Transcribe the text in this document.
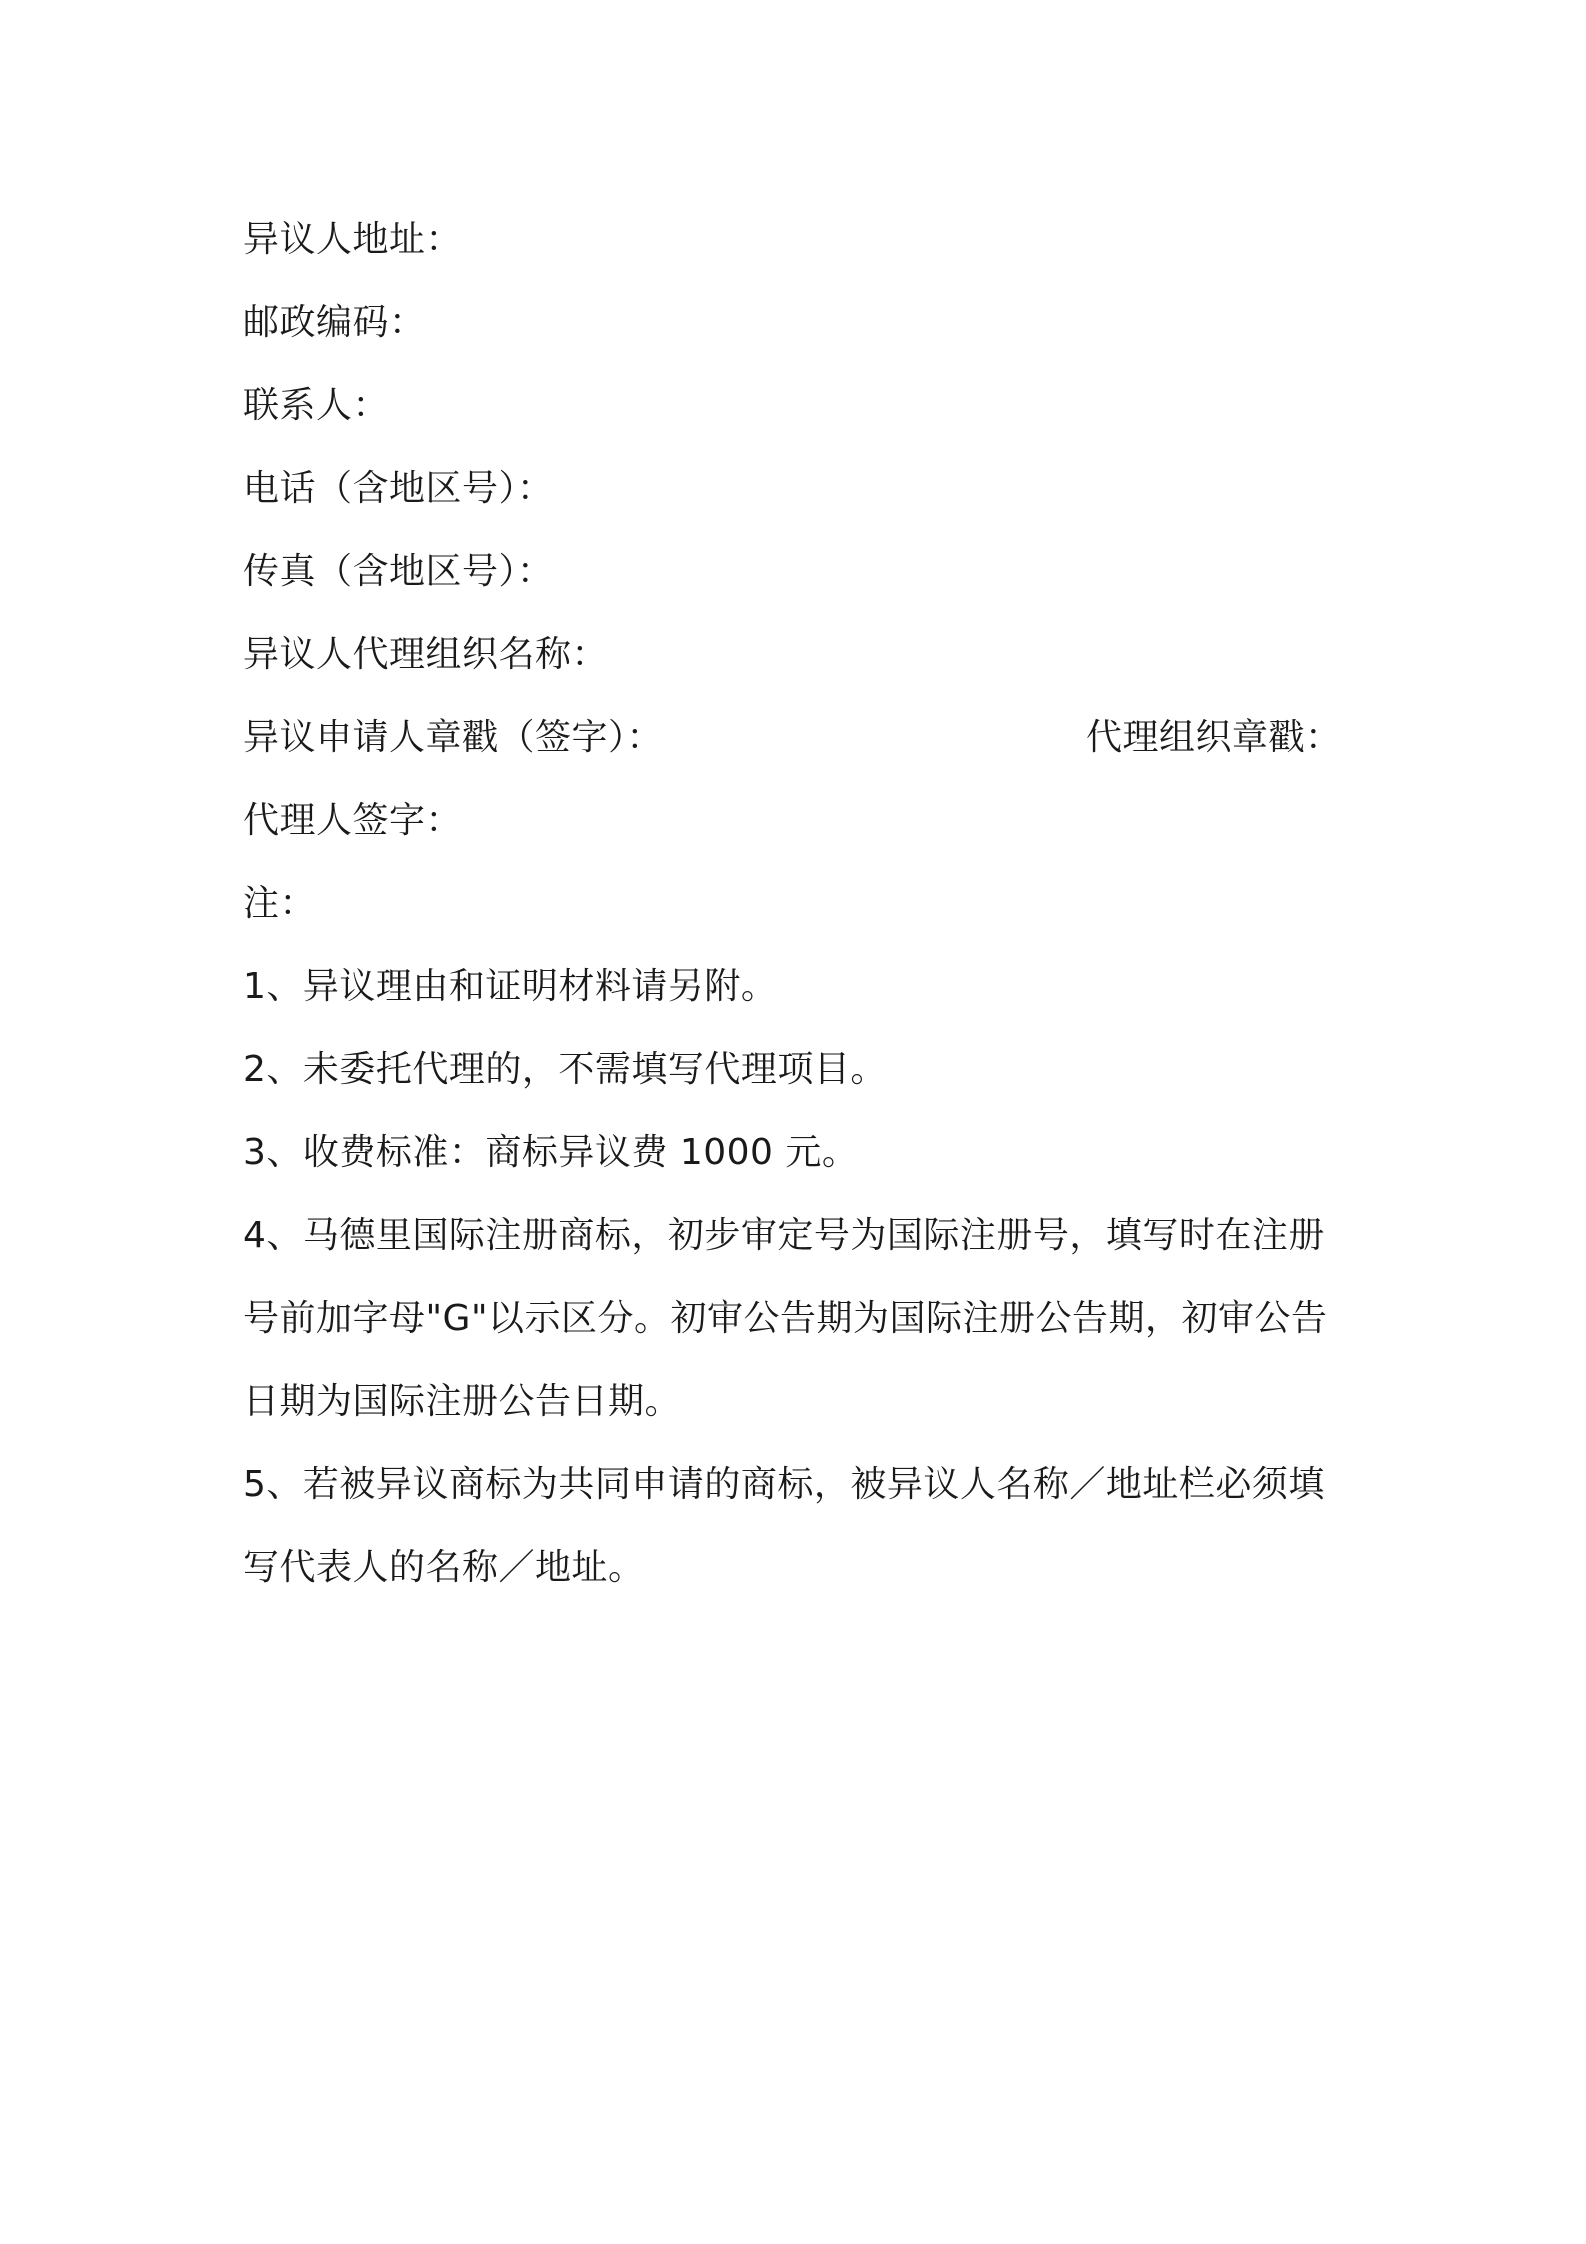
异议人地址：
邮政编码：
联系人：
电话（含地区号）：
传真（含地区号）：
异议人代理组织名称：
异议申请人章戳（签字）：	代理组织章戳：
代理人签字：
注：
1、异议理由和证明材料请另附。
2、未委托代理的，不需填写代理项目。
3、收费标准：商标异议费 1000 元。
4、马德里国际注册商标，初步审定号为国际注册号，填写时在注册号前加字母"G"以示区分。初审公告期为国际注册公告期，初审公告日期为国际注册公告日期。
5、若被异议商标为共同申请的商标，被异议人名称／地址栏必须填写代表人的名称／地址。
